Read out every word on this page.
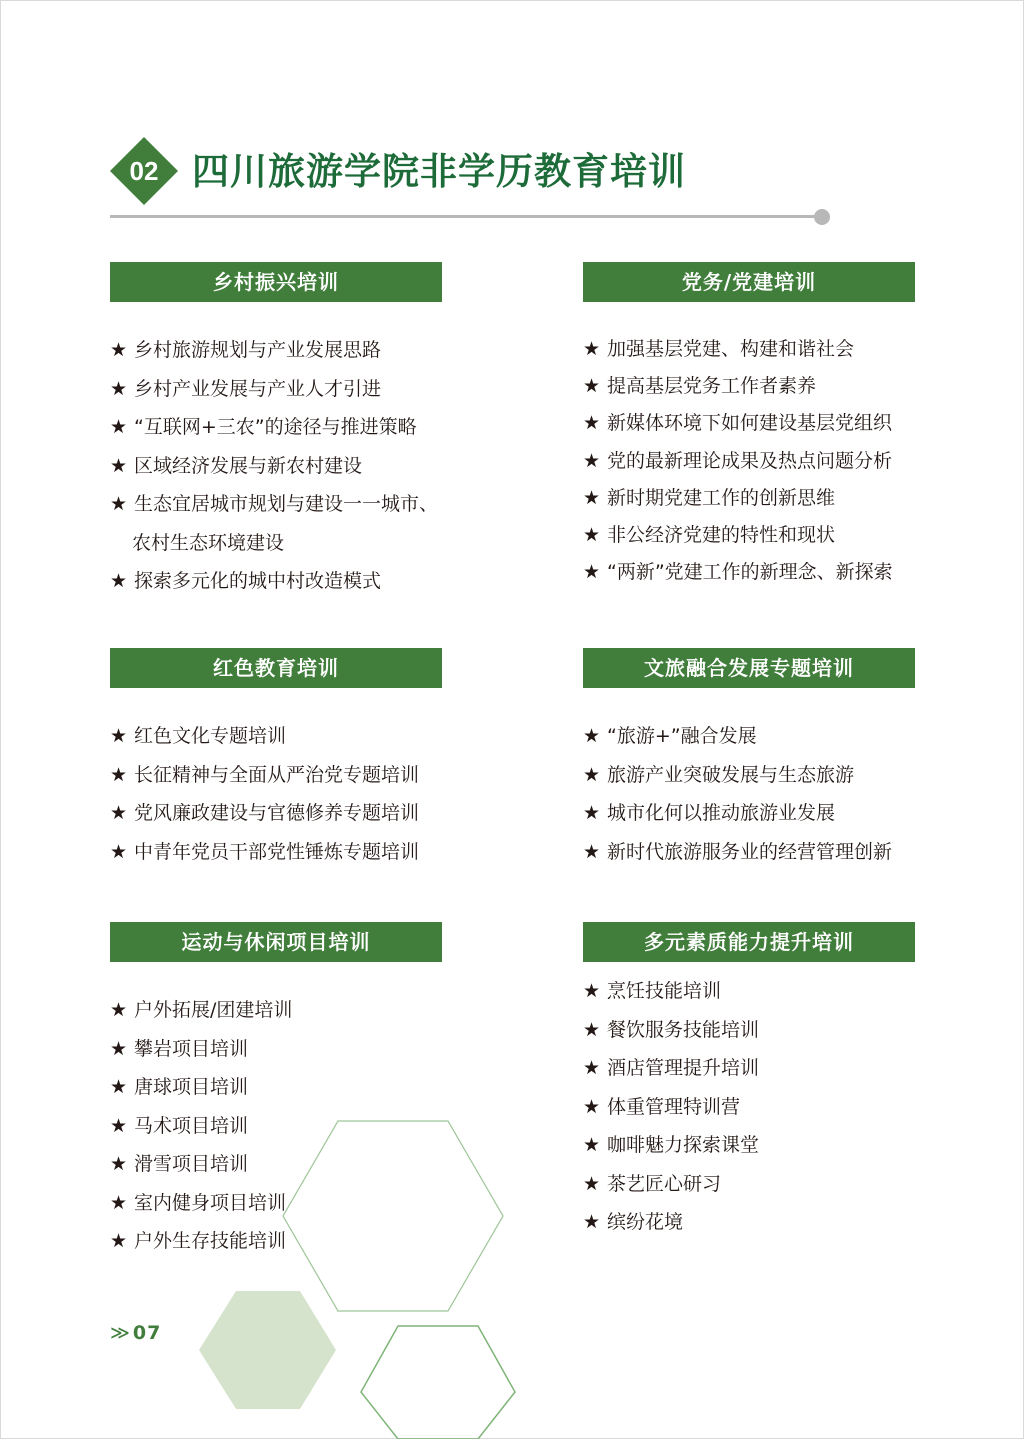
02 四川旅游学院非学历教育培训
乡村振兴培训
★ 乡村旅游规划与产业发展思路
★ 乡村产业发展与产业人才引进
★ “互联网+三农”的途径与推进策略
★ 区域经济发展与新农村建设
★ 生态宜居城市规划与建设一一城市、
农村生态环境建设
★ 探索多元化的城中村改造模式
党务/党建培训
★ 加强基层党建、构建和谐社会
★ 提高基层党务工作者素养
★ 新媒体环境下如何建设基层党组织
★ 党的最新理论成果及热点问题分析
★ 新时期党建工作的创新思维
★ 非公经济党建的特性和现状
★ “两新”党建工作的新理念、新探索
红色教育培训
★ 红色文化专题培训
★ 长征精神与全面从严治党专题培训
★ 党风廉政建设与官德修养专题培训
★ 中青年党员干部党性锤炼专题培训
文旅融合发展专题培训
★ “旅游+”融合发展
★ 旅游产业突破发展与生态旅游
★ 城市化何以推动旅游业发展
★ 新时代旅游服务业的经营管理创新
运动与休闲项目培训
★ 户外拓展/团建培训
★ 攀岩项目培训
★ 唐球项目培训
★ 马术项目培训
★ 滑雪项目培训
★ 室内健身项目培训
★ 户外生存技能培训
多元素质能力提升培训
★ 烹饪技能培训
★ 餐饮服务技能培训
★ 酒店管理提升培训
★ 体重管理特训营
★ 咖啡魅力探索课堂
★ 茶艺匠心研习
★ 缤纷花境
≫ 07
